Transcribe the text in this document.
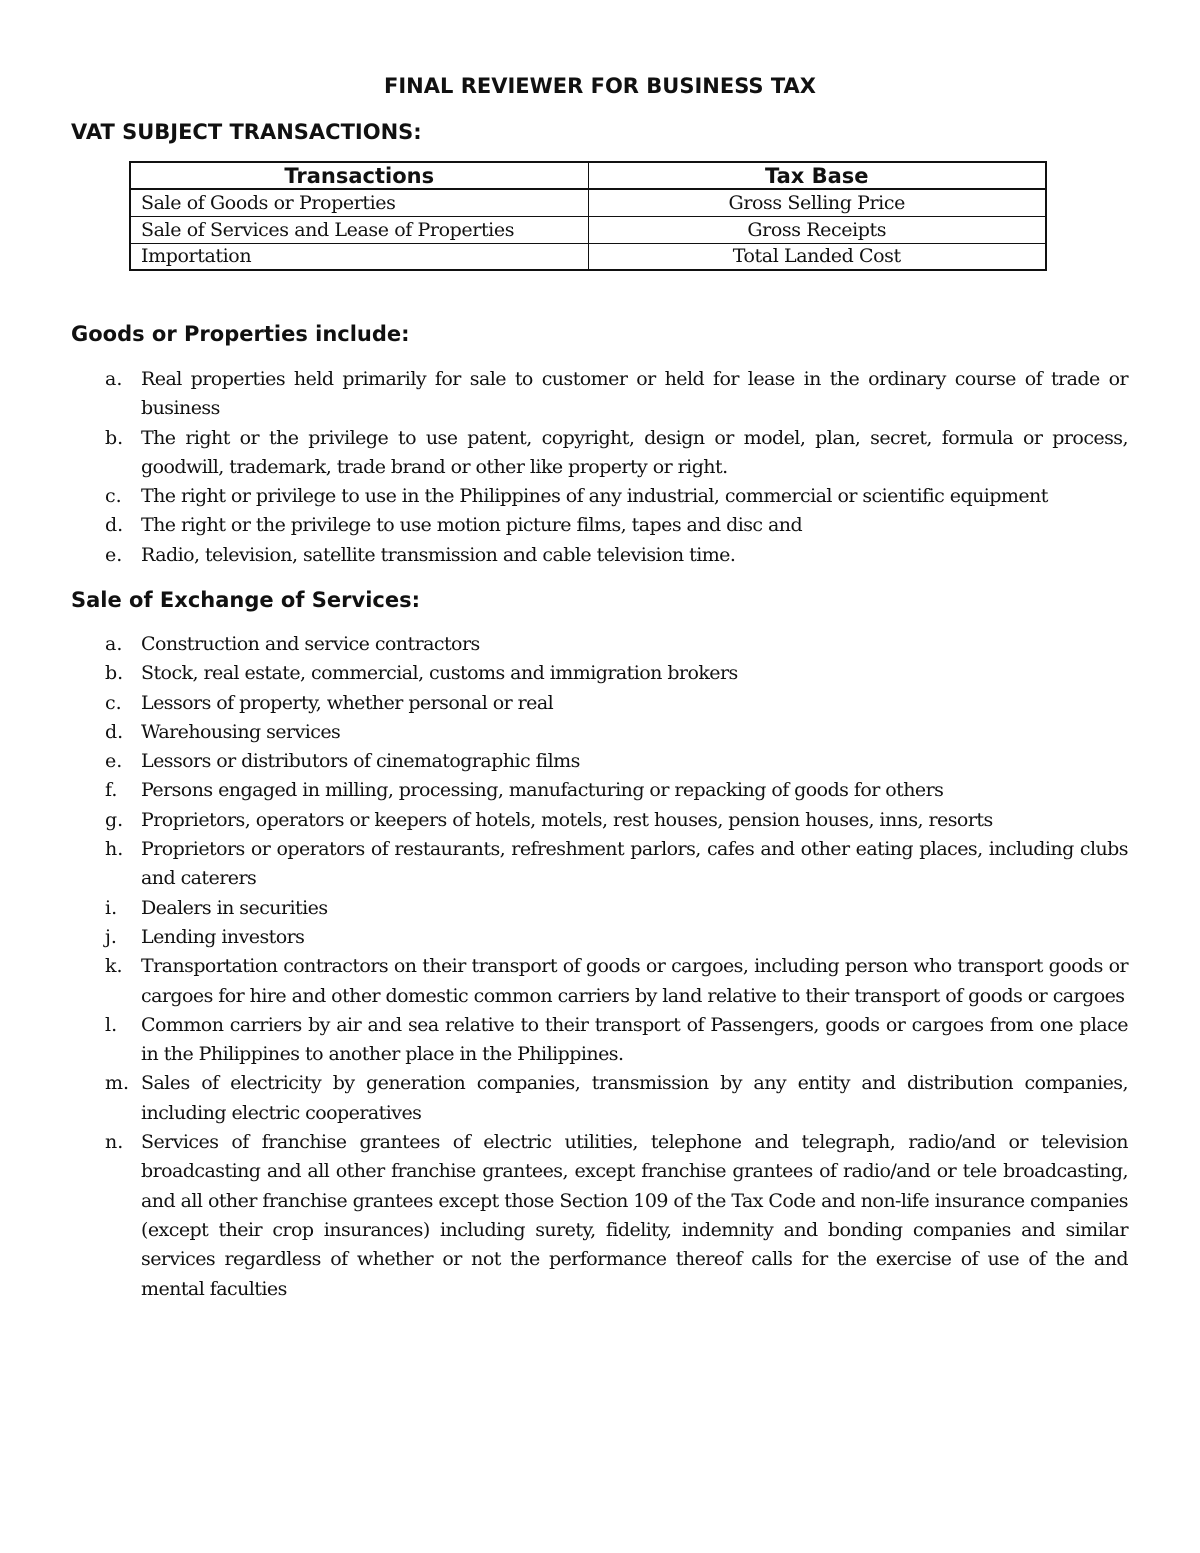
FINAL REVIEWER FOR BUSINESS TAX
VAT SUBJECT TRANSACTIONS:
Transactions	Tax Base
Sale of Goods or Properties	Gross Selling Price
Sale of Services and Lease of Properties	Gross Receipts
Importation	Total Landed Cost
Goods or Properties include:
a. Real properties held primarily for sale to customer or held for lease in the ordinary course of trade or business
b. The right or the privilege to use patent, copyright, design or model, plan, secret, formula or process, goodwill, trademark, trade brand or other like property or right.
c. The right or privilege to use in the Philippines of any industrial, commercial or scientific equipment
d. The right or the privilege to use motion picture films, tapes and disc and
e. Radio, television, satellite transmission and cable television time.
Sale of Exchange of Services:
a. Construction and service contractors
b. Stock, real estate, commercial, customs and immigration brokers
c. Lessors of property, whether personal or real
d. Warehousing services
e. Lessors or distributors of cinematographic films
f. Persons engaged in milling, processing, manufacturing or repacking of goods for others
g. Proprietors, operators or keepers of hotels, motels, rest houses, pension houses, inns, resorts
h. Proprietors or operators of restaurants, refreshment parlors, cafes and other eating places, including clubs and caterers
i. Dealers in securities
j. Lending investors
k. Transportation contractors on their transport of goods or cargoes, including person who transport goods or cargoes for hire and other domestic common carriers by land relative to their transport of goods or cargoes
l. Common carriers by air and sea relative to their transport of Passengers, goods or cargoes from one place in the Philippines to another place in the Philippines.
m. Sales of electricity by generation companies, transmission by any entity and distribution companies, including electric cooperatives
n. Services of franchise grantees of electric utilities, telephone and telegraph, radio/and or television broadcasting and all other franchise grantees, except franchise grantees of radio/and or tele broadcasting, and all other franchise grantees except those Section 109 of the Tax Code and non-life insurance companies (except their crop insurances) including surety, fidelity, indemnity and bonding companies and similar services regardless of whether or not the performance thereof calls for the exercise of use of the and mental faculties
